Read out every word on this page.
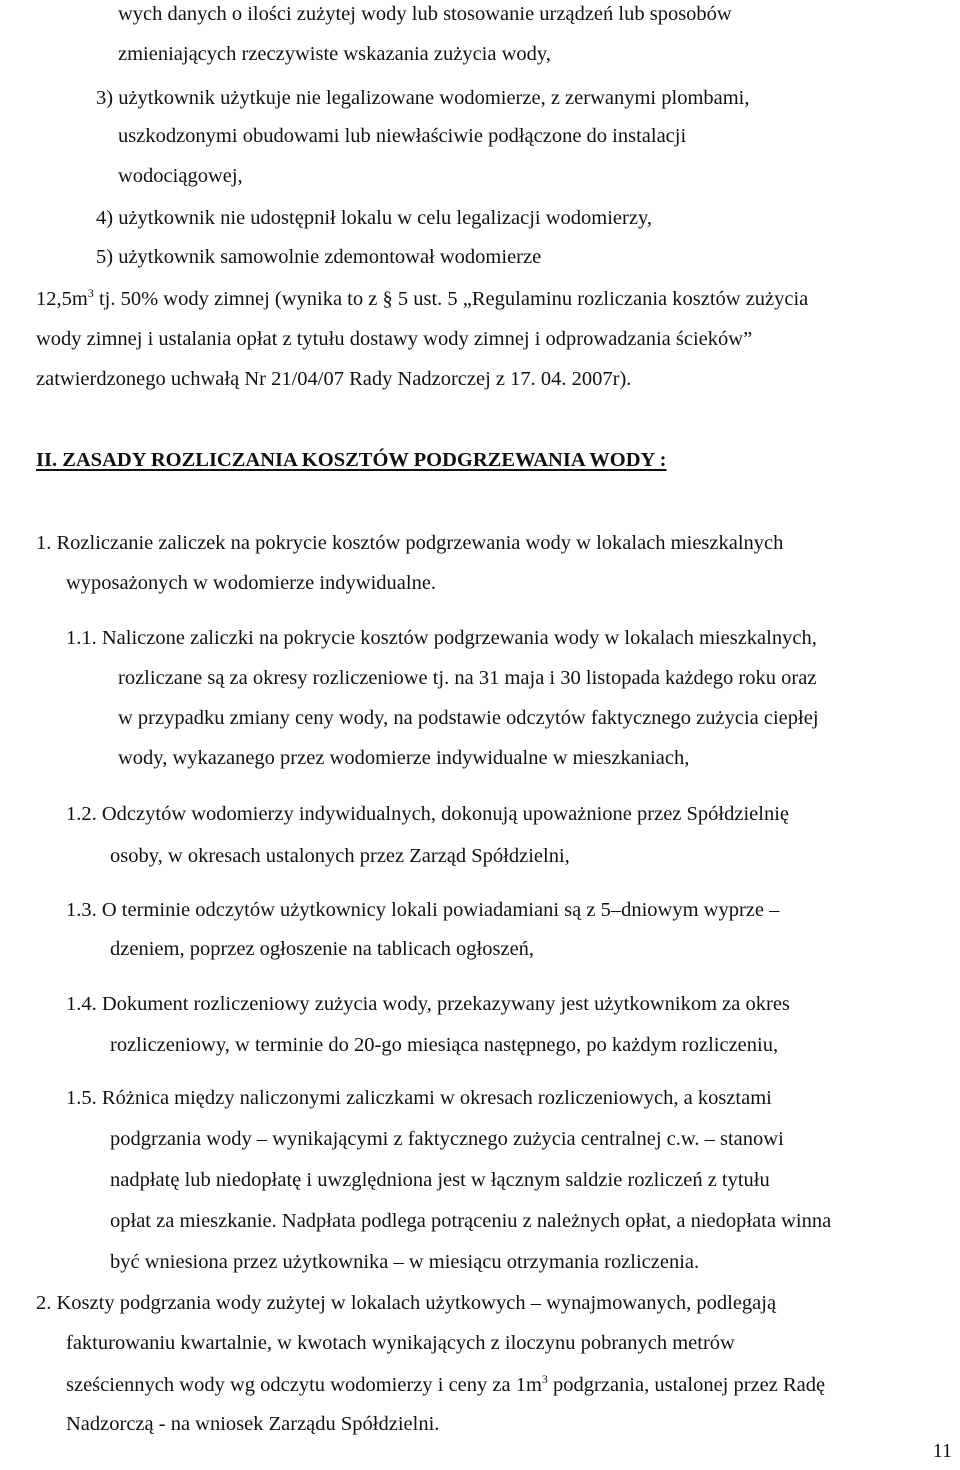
wych danych o ilości zużytej wody lub stosowanie urządzeń lub sposobów
zmieniających rzeczywiste wskazania zużycia wody,
3) użytkownik użytkuje nie legalizowane wodomierze, z zerwanymi plombami,
uszkodzonymi obudowami lub niewłaściwie podłączone do instalacji
wodociągowej,
4) użytkownik nie udostępnił lokalu w celu legalizacji wodomierzy,
5) użytkownik samowolnie zdemontował wodomierze
$12,5m^3$ tj. 50% wody zimnej (wynika to z § 5 ust. 5 „Regulaminu rozliczania kosztów zużycia
wody zimnej i ustalania opłat z tytułu dostawy wody zimnej i odprowadzania ścieków”
zatwierdzonego uchwałą Nr 21/04/07 Rady Nadzorczej z 17. 04. 2007r).
II. ZASADY ROZLICZANIA KOSZTÓW PODGRZEWANIA WODY :
1. Rozliczanie zaliczek na pokrycie kosztów podgrzewania wody w lokalach mieszkalnych
wyposażonych w wodomierze indywidualne.
1.1. Naliczone zaliczki na pokrycie kosztów podgrzewania wody w lokalach mieszkalnych,
rozliczane są za okresy rozliczeniowe tj. na 31 maja i 30 listopada każdego roku oraz
w przypadku zmiany ceny wody, na podstawie odczytów faktycznego zużycia ciepłej
wody, wykazanego przez wodomierze indywidualne w mieszkaniach,
1.2. Odczytów wodomierzy indywidualnych, dokonują upoważnione przez Spółdzielnię
osoby, w okresach ustalonych przez Zarząd Spółdzielni,
1.3. O terminie odczytów użytkownicy lokali powiadamiani są z 5–dniowym wyprze –
dzeniem, poprzez ogłoszenie na tablicach ogłoszeń,
1.4. Dokument rozliczeniowy zużycia wody, przekazywany jest użytkownikom za okres
rozliczeniowy, w terminie do 20-go miesiąca następnego, po każdym rozliczeniu,
1.5. Różnica między naliczonymi zaliczkami w okresach rozliczeniowych, a kosztami
podgrzania wody – wynikającymi z faktycznego zużycia centralnej c.w. – stanowi
nadpłatę lub niedopłatę i uwzględniona jest w łącznym saldzie rozliczeń z tytułu
opłat za mieszkanie. Nadpłata podlega potrąceniu z należnych opłat, a niedopłata winna
być wniesiona przez użytkownika – w miesiącu otrzymania rozliczenia.
2. Koszty podgrzania wody zużytej w lokalach użytkowych – wynajmowanych, podlegają
fakturowaniu kwartalnie, w kwotach wynikających z iloczynu pobranych metrów
sześciennych wody wg odczytu wodomierzy i ceny za $1m^3$ podgrzania, ustalonej przez Radę
Nadzorczą - na wniosek Zarządu Spółdzielni.
11
